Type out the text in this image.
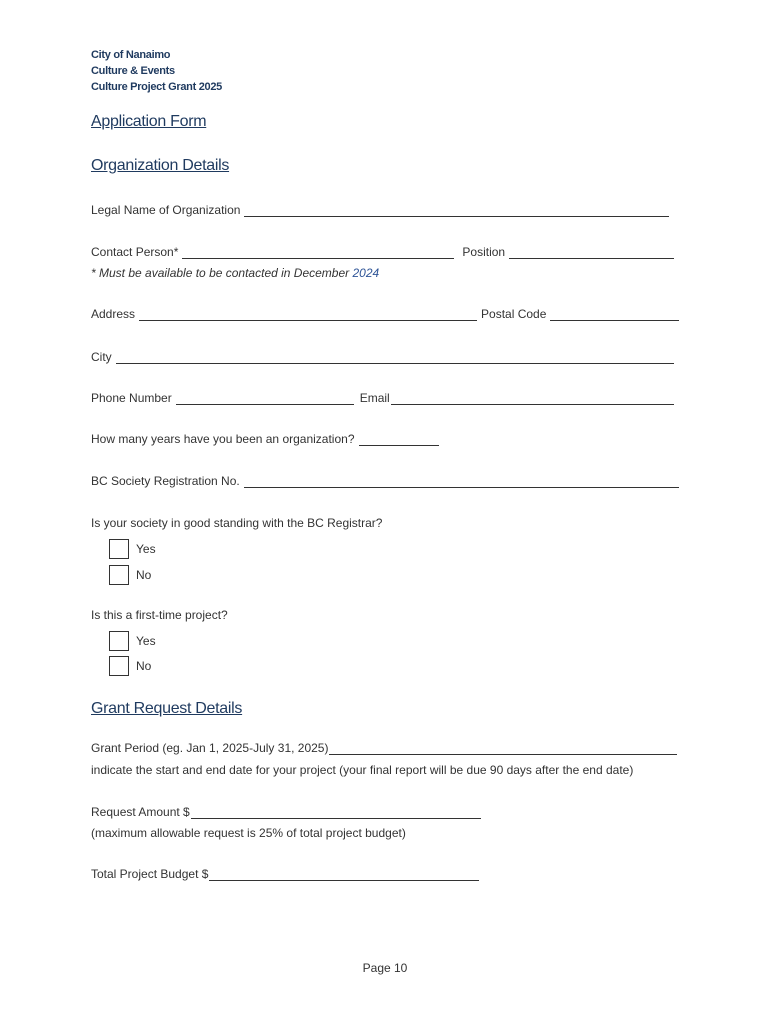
City of Nanaimo
Culture & Events
Culture Project Grant 2025
Application Form
Organization Details
Legal Name of Organization
Contact Person*	Position
* Must be available to be contacted in December 2024
Address	Postal Code
City
Phone Number	Email
How many years have you been an organization?
BC Society Registration No.
Is your society in good standing with the BC Registrar?
Yes
No
Is this a first-time project?
Yes
No
Grant Request Details
Grant Period (eg. Jan 1, 2025-July 31, 2025)
indicate the start and end date for your project (your final report will be due 90 days after the end date)
Request Amount $
(maximum allowable request is 25% of total project budget)
Total Project Budget $
Page 10
